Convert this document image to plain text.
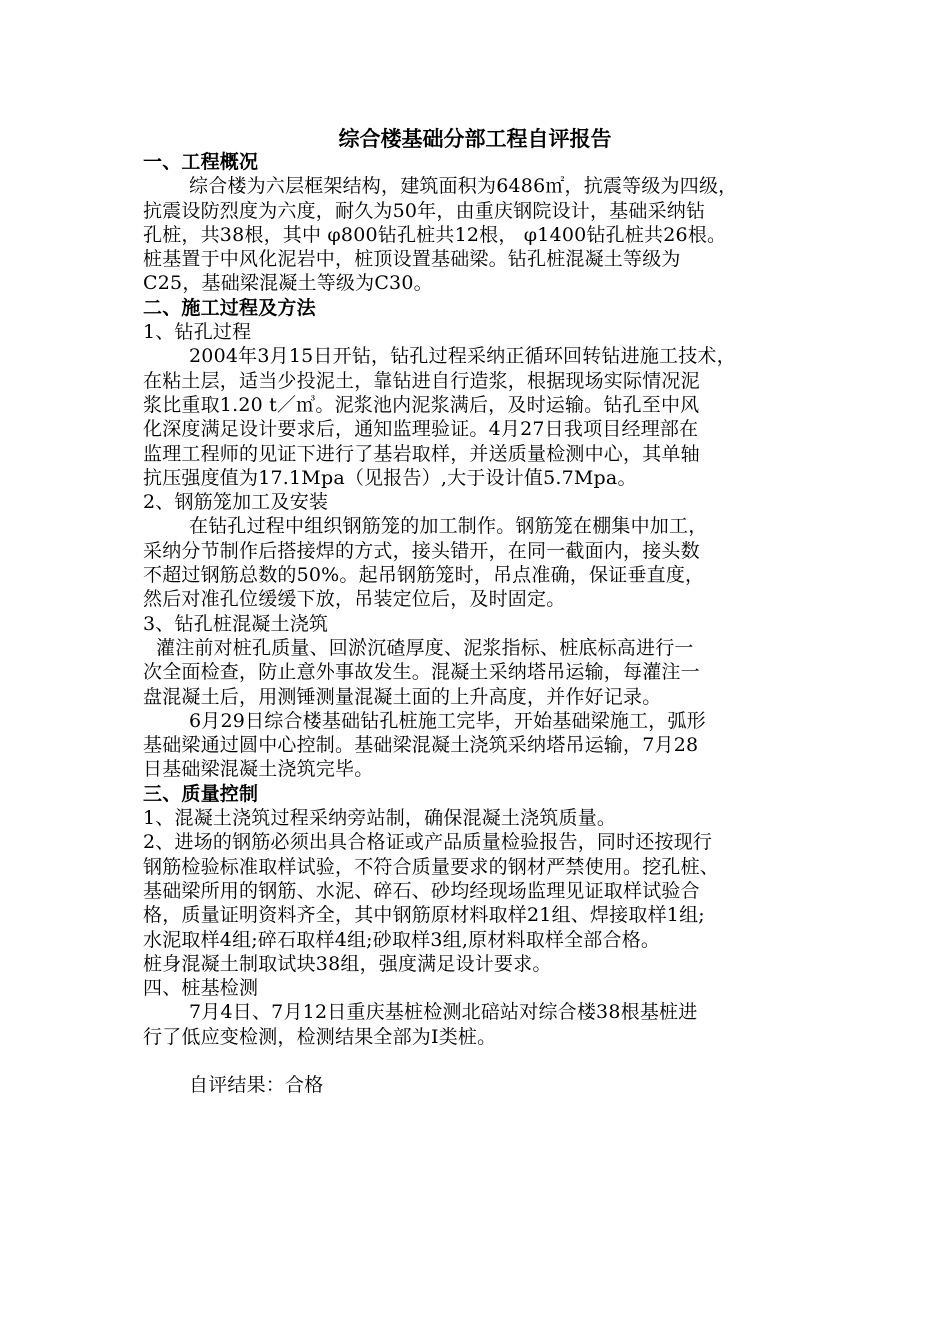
综合楼基础分部工程自评报告
一、工程概况
综合楼为六层框架结构，建筑面积为6486㎡，抗震等级为四级，
抗震设防烈度为六度，耐久为50年，由重庆钢院设计，基础采纳钻
孔桩，共38根，其中 φ800钻孔桩共12根， φ1400钻孔桩共26根。
桩基置于中风化泥岩中，桩顶设置基础梁。钻孔桩混凝土等级为
C25，基础梁混凝土等级为C30。
二、施工过程及方法
1、钻孔过程
2004年3月15日开钻，钻孔过程采纳正循环回转钻进施工技术，
在粘土层，适当少投泥土，靠钻进自行造浆，根据现场实际情况泥
浆比重取1.20 t／㎥。泥浆池内泥浆满后，及时运输。钻孔至中风
化深度满足设计要求后，通知监理验证。4月27日我项目经理部在
监理工程师的见证下进行了基岩取样，并送质量检测中心，其单轴
抗压强度值为17.1Mpa（见报告）,大于设计值5.7Mpa。
2、钢筋笼加工及安装
在钻孔过程中组织钢筋笼的加工制作。钢筋笼在棚集中加工，
采纳分节制作后搭接焊的方式，接头错开，在同一截面内，接头数
不超过钢筋总数的50%。起吊钢筋笼时，吊点准确，保证垂直度，
然后对准孔位缓缓下放，吊装定位后，及时固定。
3、钻孔桩混凝土浇筑
灌注前对桩孔质量、回淤沉碴厚度、泥浆指标、桩底标高进行一
次全面检查，防止意外事故发生。混凝土采纳塔吊运输，每灌注一
盘混凝土后，用测锤测量混凝土面的上升高度，并作好记录。
6月29日综合楼基础钻孔桩施工完毕，开始基础梁施工，弧形
基础梁通过圆中心控制。基础梁混凝土浇筑采纳塔吊运输，7月28
日基础梁混凝土浇筑完毕。
三、质量控制
1、混凝土浇筑过程采纳旁站制，确保混凝土浇筑质量。
2、进场的钢筋必须出具合格证或产品质量检验报告，同时还按现行
钢筋检验标准取样试验，不符合质量要求的钢材严禁使用。挖孔桩、
基础梁所用的钢筋、水泥、碎石、砂均经现场监理见证取样试验合
格，质量证明资料齐全，其中钢筋原材料取样21组、焊接取样1组;
水泥取样4组;碎石取样4组;砂取样3组,原材料取样全部合格。
桩身混凝土制取试块38组，强度满足设计要求。
四、桩基检测
7月4日、7月12日重庆基桩检测北碚站对综合楼38根基桩进
行了低应变检测，检测结果全部为Ⅰ类桩。
自评结果：合格
